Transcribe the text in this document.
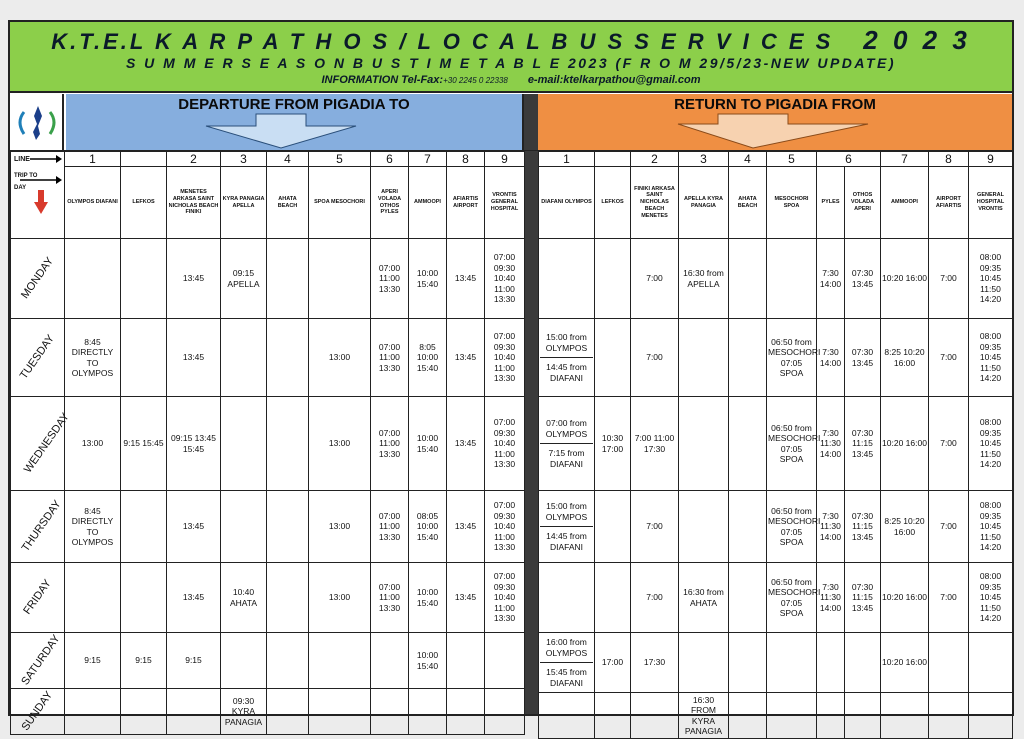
K.T.E.L K A R P A T H O S / L O C A L B U S S E R V I C E S 2 0 2 3
S U M M E R S E A S O N B U S T I M E T A B L E 2023 (F R O M 29/5/23-NEW UPDATE)
INFORMATION Tel-Fax:+30 2245 0 22338 e-mail:ktelkarpathou@gmail.com
DEPARTURE FROM PIGADIA TO	RETURN TO PIGADIA FROM
LINE
TRIP TO
DAY	1		2	3	4	5	6	7	8	9
	OLYMPOS DIAFANI	LEFKOS	MENETES ARKASA SAINT NICHOLAS BEACH FINIKI	KYRA PANAGIA APELLA	AHATA BEACH	SPOA MESOCHORI	APERI VOLADA OTHOS PYLES	AMMOOPI	AFIARTIS AIRPORT	VRONTIS GENERAL HOSPITAL
MONDAY			13:45	09:15 APELLA			07:00 11:00 13:30	10:00 15:40	13:45	07:00 09:30 10:40 11:00 13:30
TUESDAY	8:45 DIRECTLY TO OLYMPOS		13:45			13:00	07:00 11:00 13:30	8:05 10:00 15:40	13:45	07:00 09:30 10:40 11:00 13:30
WEDNESDAY	13:00	9:15 15:45	09:15 13:45 15:45			13:00	07:00 11:00 13:30	10:00 15:40	13:45	07:00 09:30 10:40 11:00 13:30
THURSDAY	8:45 DIRECTLY TO OLYMPOS		13:45			13:00	07:00 11:00 13:30	08:05 10:00 15:40	13:45	07:00 09:30 10:40 11:00 13:30
FRIDAY			13:45	10:40 AHATA		13:00	07:00 11:00 13:30	10:00 15:40	13:45	07:00 09:30 10:40 11:00 13:30
SATURDAY	9:15	9:15	9:15					10:00 15:40		
SUNDAY				09:30 KYRA PANAGIA						
1		2	3	4	5	6		7	8	9
DIAFANI OLYMPOS	LEFKOS	FINIKI ARKASA SAINT NICHOLAS BEACH MENETES	APELLA KYRA PANAGIA	AHATA BEACH	MESOCHORI SPOA	PYLES	OTHOS VOLADA APERI	AMMOOPI	AIRPORT AFIARTIS	GENERAL HOSPITAL VRONTIS
		7:00	16:30 from APELLA			7:30 14:00	07:30 13:45	10:20 16:00	7:00	08:00 09:35 10:45 11:50 14:20

15:00 from OLYMPOS
14:45 from DIAFANI		7:00			06:50 from MESOCHORI 07:05 SPOA	7:30 14:00	07:30 13:45	8:25 10:20 16:00	7:00	08:00 09:35 10:45 11:50 14:20

07:00 from OLYMPOS
7:15 from DIAFANI	10:30 17:00	7:00 11:00 17:30			06:50 from MESOCHORI 07:05 SPOA	7:30 11:30 14:00	07:30 11:15 13:45	10:20 16:00	7:00	08:00 09:35 10:45 11:50 14:20

15:00 from OLYMPOS
14:45 from DIAFANI		7:00			06:50 from MESOCHORI 07:05 SPOA	7:30 11:30 14:00	07:30 11:15 13:45	8:25 10:20 16:00	7:00	08:00 09:35 10:45 11:50 14:20
		7:00	16:30 from AHATA		06:50 from MESOCHORI 07:05 SPOA	7:30 11:30 14:00	07:30 11:15 13:45	10:20 16:00	7:00	08:00 09:35 10:45 11:50 14:20

16:00 from OLYMPOS
15:45 from DIAFANI	17:00	17:30						10:20 16:00		
			16:30 FROM KYRA PANAGIA							
